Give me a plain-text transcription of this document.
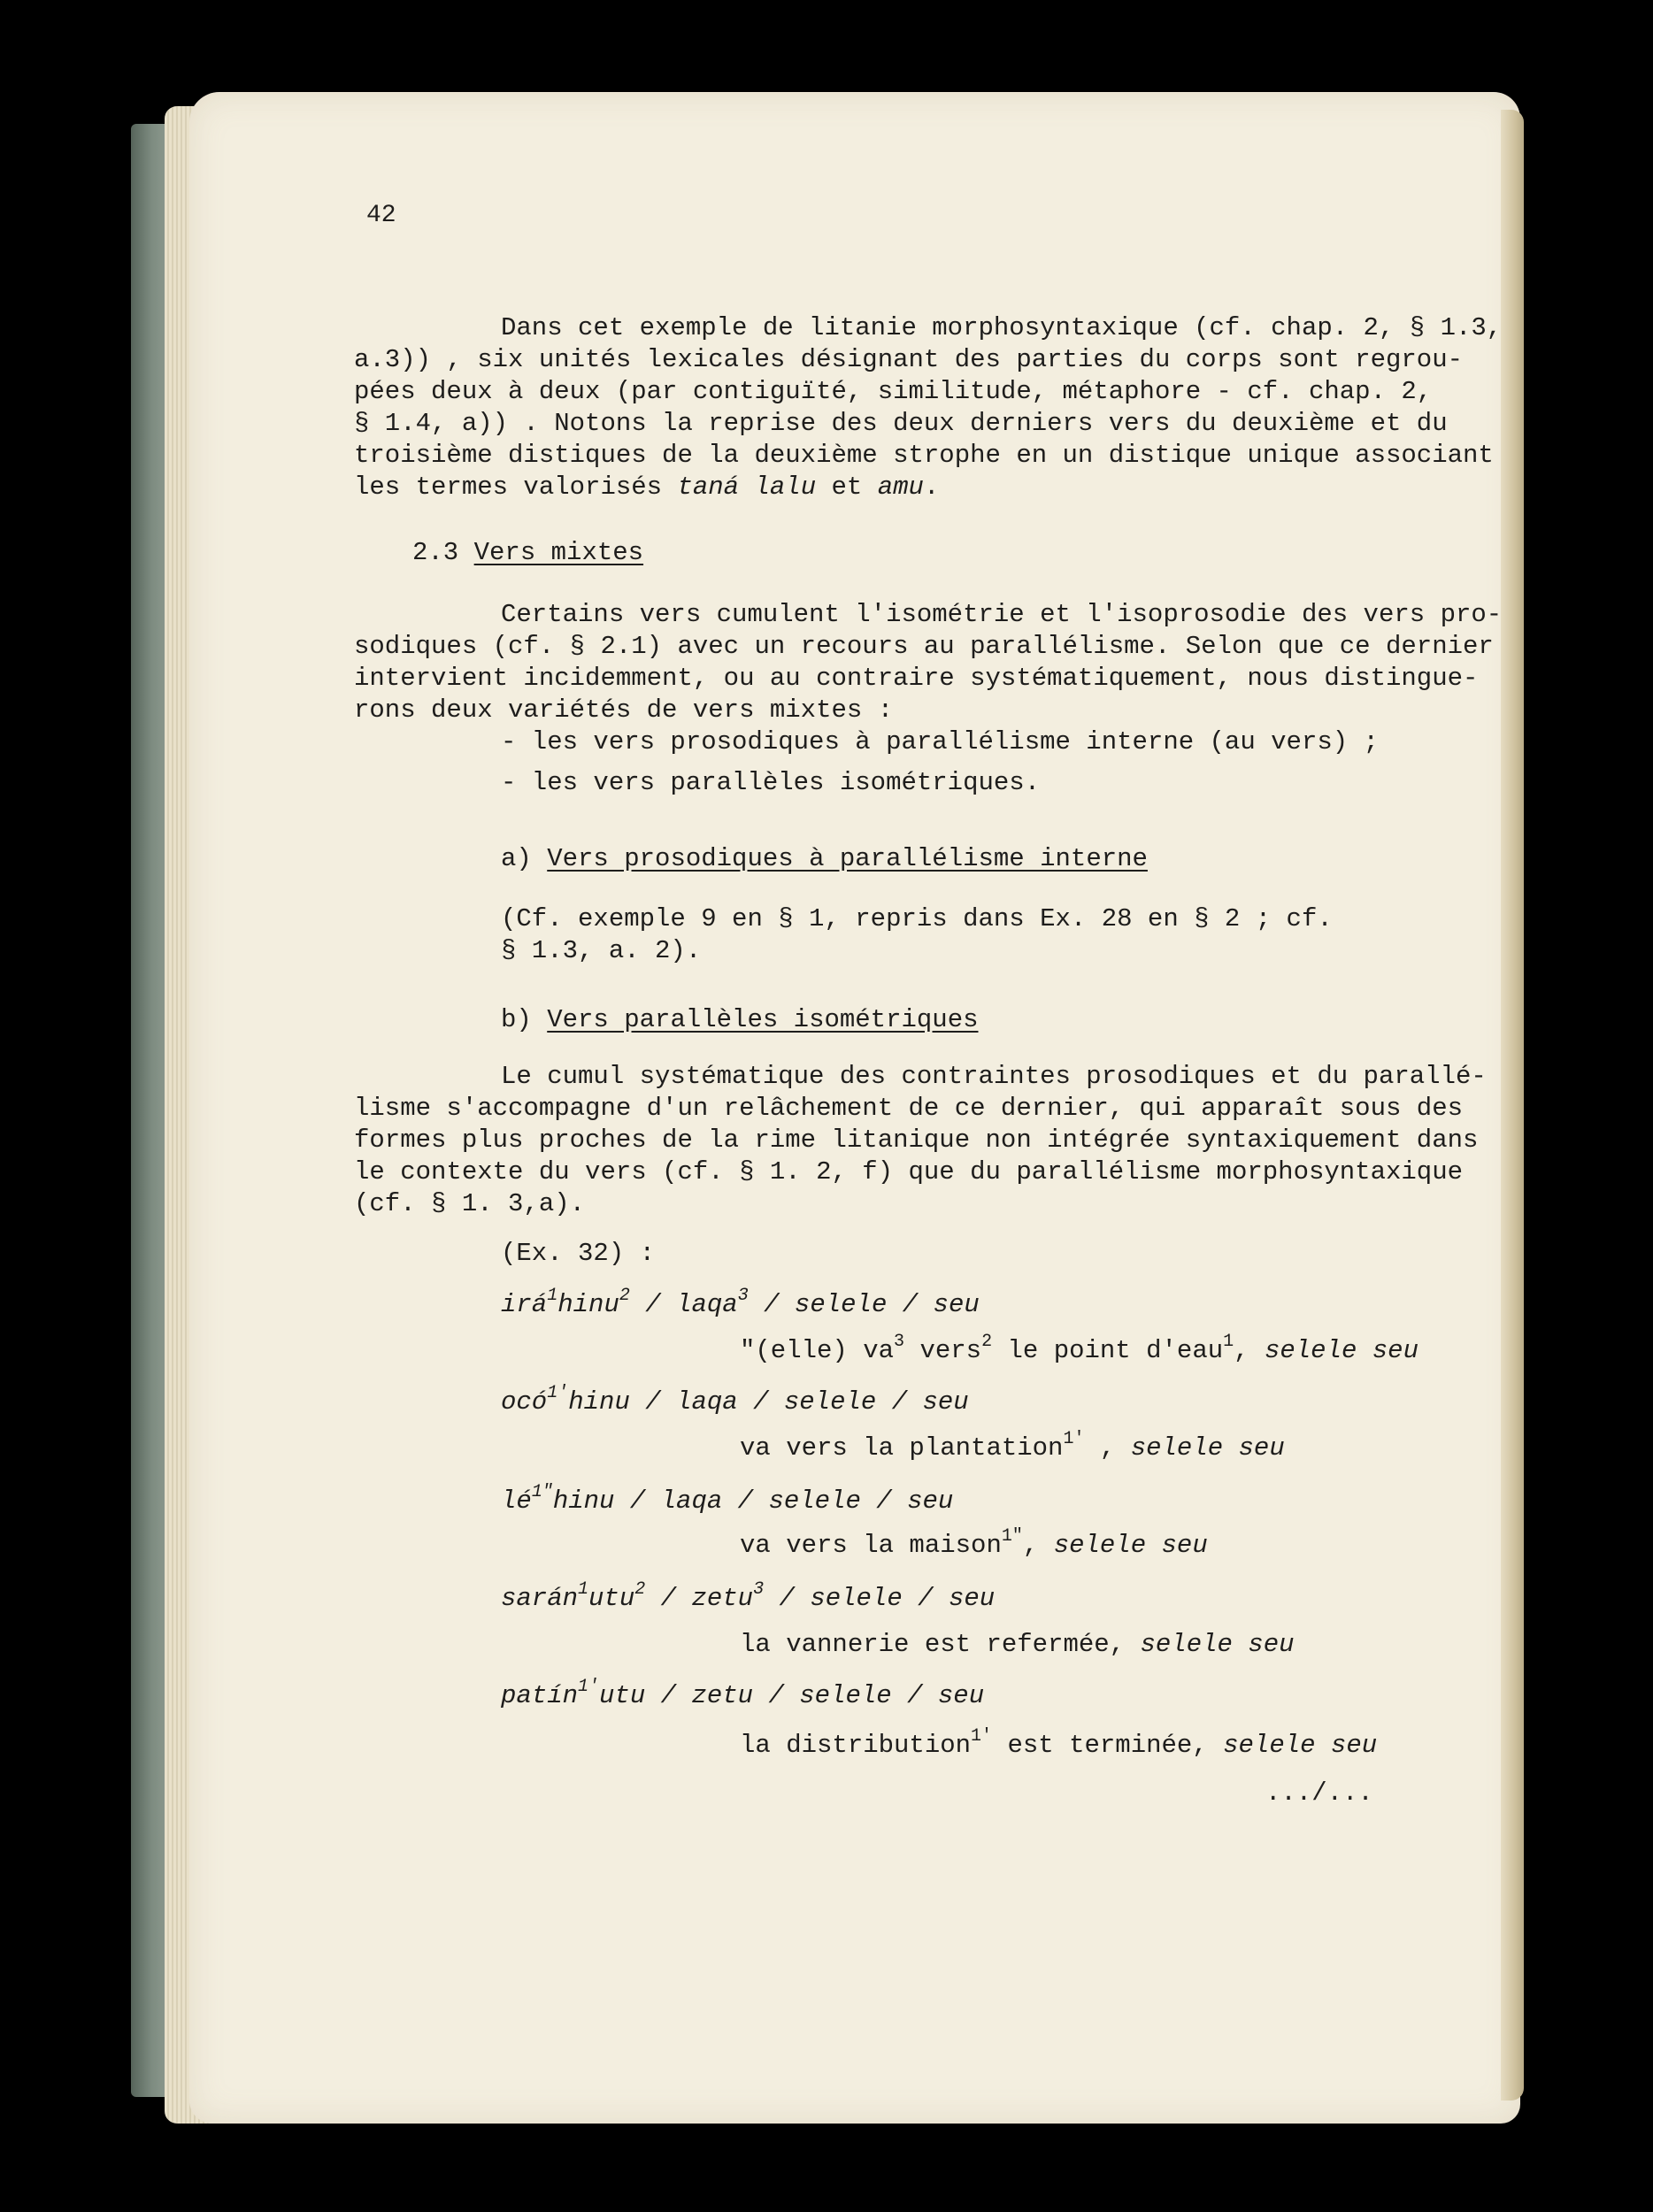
42
Dans cet exemple de litanie morphosyntaxique (cf. chap. 2, § 1.3,
a.3)) , six unités lexicales désignant des parties du corps sont regrou-
pées deux à deux (par contiguïté, similitude, métaphore - cf. chap. 2,
§ 1.4, a)) . Notons la reprise des deux derniers vers du deuxième et du
troisième distiques de la deuxième strophe en un distique unique associant
les termes valorisés taná lalu et amu.
2.3 Vers mixtes
Certains vers cumulent l'isométrie et l'isoprosodie des vers pro-
sodiques (cf. § 2.1) avec un recours au parallélisme. Selon que ce dernier
intervient incidemment, ou au contraire systématiquement, nous distingue-
rons deux variétés de vers mixtes :
- les vers prosodiques à parallélisme interne (au vers) ;
- les vers parallèles isométriques.
a) Vers prosodiques à parallélisme interne
(Cf. exemple 9 en § 1, repris dans Ex. 28 en § 2 ; cf.
§ 1.3, a. 2).
b) Vers parallèles isométriques
Le cumul systématique des contraintes prosodiques et du parallé-
lisme s'accompagne d'un relâchement de ce dernier, qui apparaît sous des
formes plus proches de la rime litanique non intégrée syntaxiquement dans
le contexte du vers (cf. § 1. 2, f) que du parallélisme morphosyntaxique
(cf. § 1. 3,a).
(Ex. 32) :
irá$^1$hinu$^2$ / laqa$^3$ / selele / seu
"(elle) $va^3$ vers$^2$ le point d'eau$^1$, selele seu
ocó$^{1'}$hinu / laqa / selele / seu
va vers la plantation$^{1'}$ , selele seu
$lé^{1"}hinu$ / laqa / selele / seu
va vers la maison$^{1"}$, selele seu
sarán$^1$utu$^2$ / zetu$^3$ / selele / seu
la vannerie est refermée, selele seu
patín$^{1'}$utu / zetu / selele / seu
la distribution$^{1'}$ est terminée, selele seu
.../...
